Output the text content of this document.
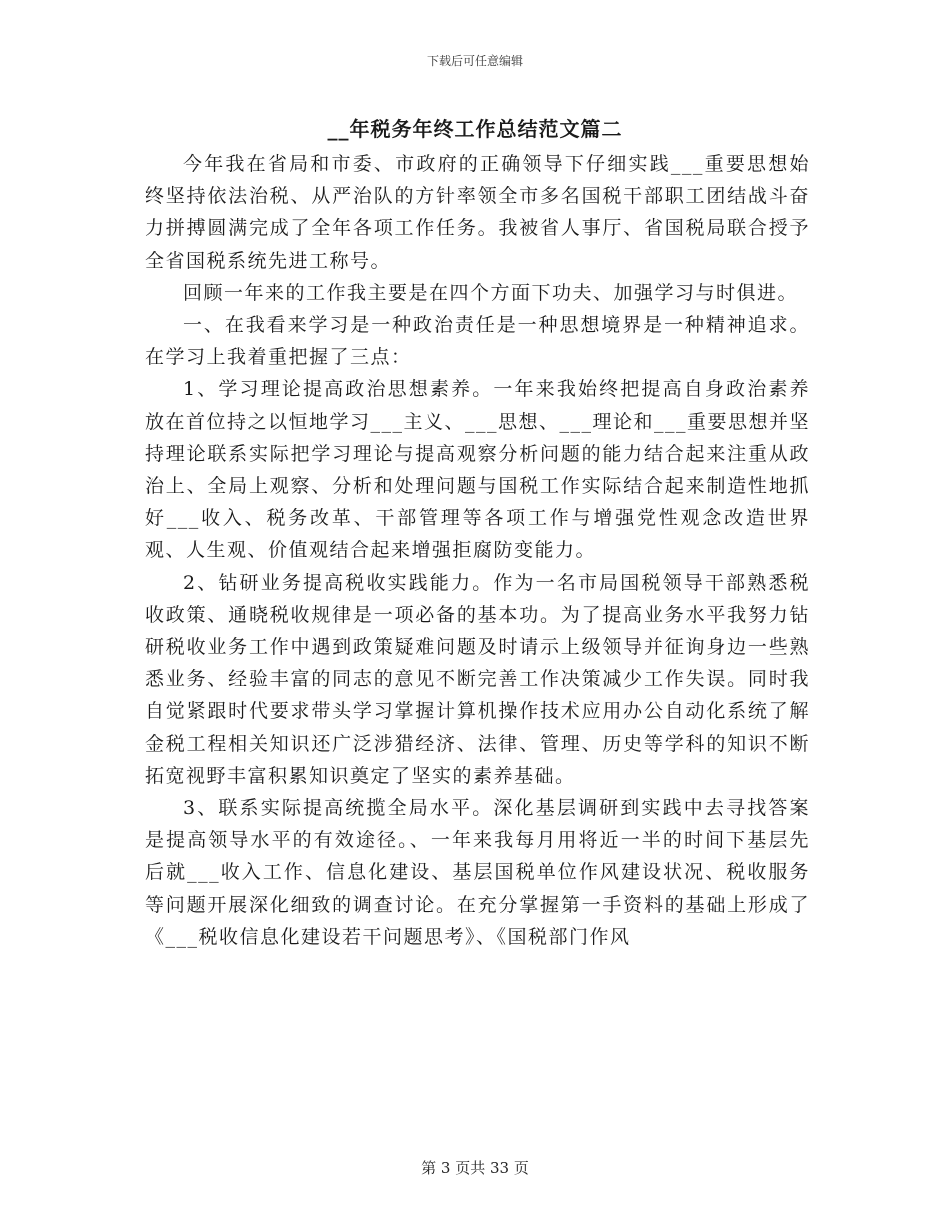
下载后可任意编辑
__年税务年终工作总结范文篇二

今年我在省局和市委、市政府的正确领导下仔细实践___重要思想始终坚持依法治税、从严治队的方针率领全市多名国税干部职工团结战斗奋力拼搏圆满完成了全年各项工作任务。我被省人事厅、省国税局联合授予全省国税系统先进工称号。

回顾一年来的工作我主要是在四个方面下功夫、加强学习与时俱进。

一、在我看来学习是一种政治责任是一种思想境界是一种精神追求。在学习上我着重把握了三点：

1、学习理论提高政治思想素养。一年来我始终把提高自身政治素养放在首位持之以恒地学习___主义、___思想、___理论和___重要思想并坚持理论联系实际把学习理论与提高观察分析问题的能力结合起来注重从政治上、全局上观察、分析和处理问题与国税工作实际结合起来制造性地抓好___收入、税务改革、干部管理等各项工作与增强党性观念改造世界观、人生观、价值观结合起来增强拒腐防变能力。

2、钻研业务提高税收实践能力。作为一名市局国税领导干部熟悉税收政策、通晓税收规律是一项必备的基本功。为了提高业务水平我努力钻研税收业务工作中遇到政策疑难问题及时请示上级领导并征询身边一些熟悉业务、经验丰富的同志的意见不断完善工作决策减少工作失误。同时我自觉紧跟时代要求带头学习掌握计算机操作技术应用办公自动化系统了解金税工程相关知识还广泛涉猎经济、法律、管理、历史等学科的知识不断拓宽视野丰富积累知识奠定了坚实的素养基础。

3、联系实际提高统揽全局水平。深化基层调研到实践中去寻找答案是提高领导水平的有效途径。、一年来我每月用将近一半的时间下基层先后就___收入工作、信息化建设、基层国税单位作风建设状况、税收服务等问题开展深化细致的调查讨论。在充分掌握第一手资料的基础上形成了《___税收信息化建设若干问题思考》、《国税部门作风

第 3 页共 33 页
